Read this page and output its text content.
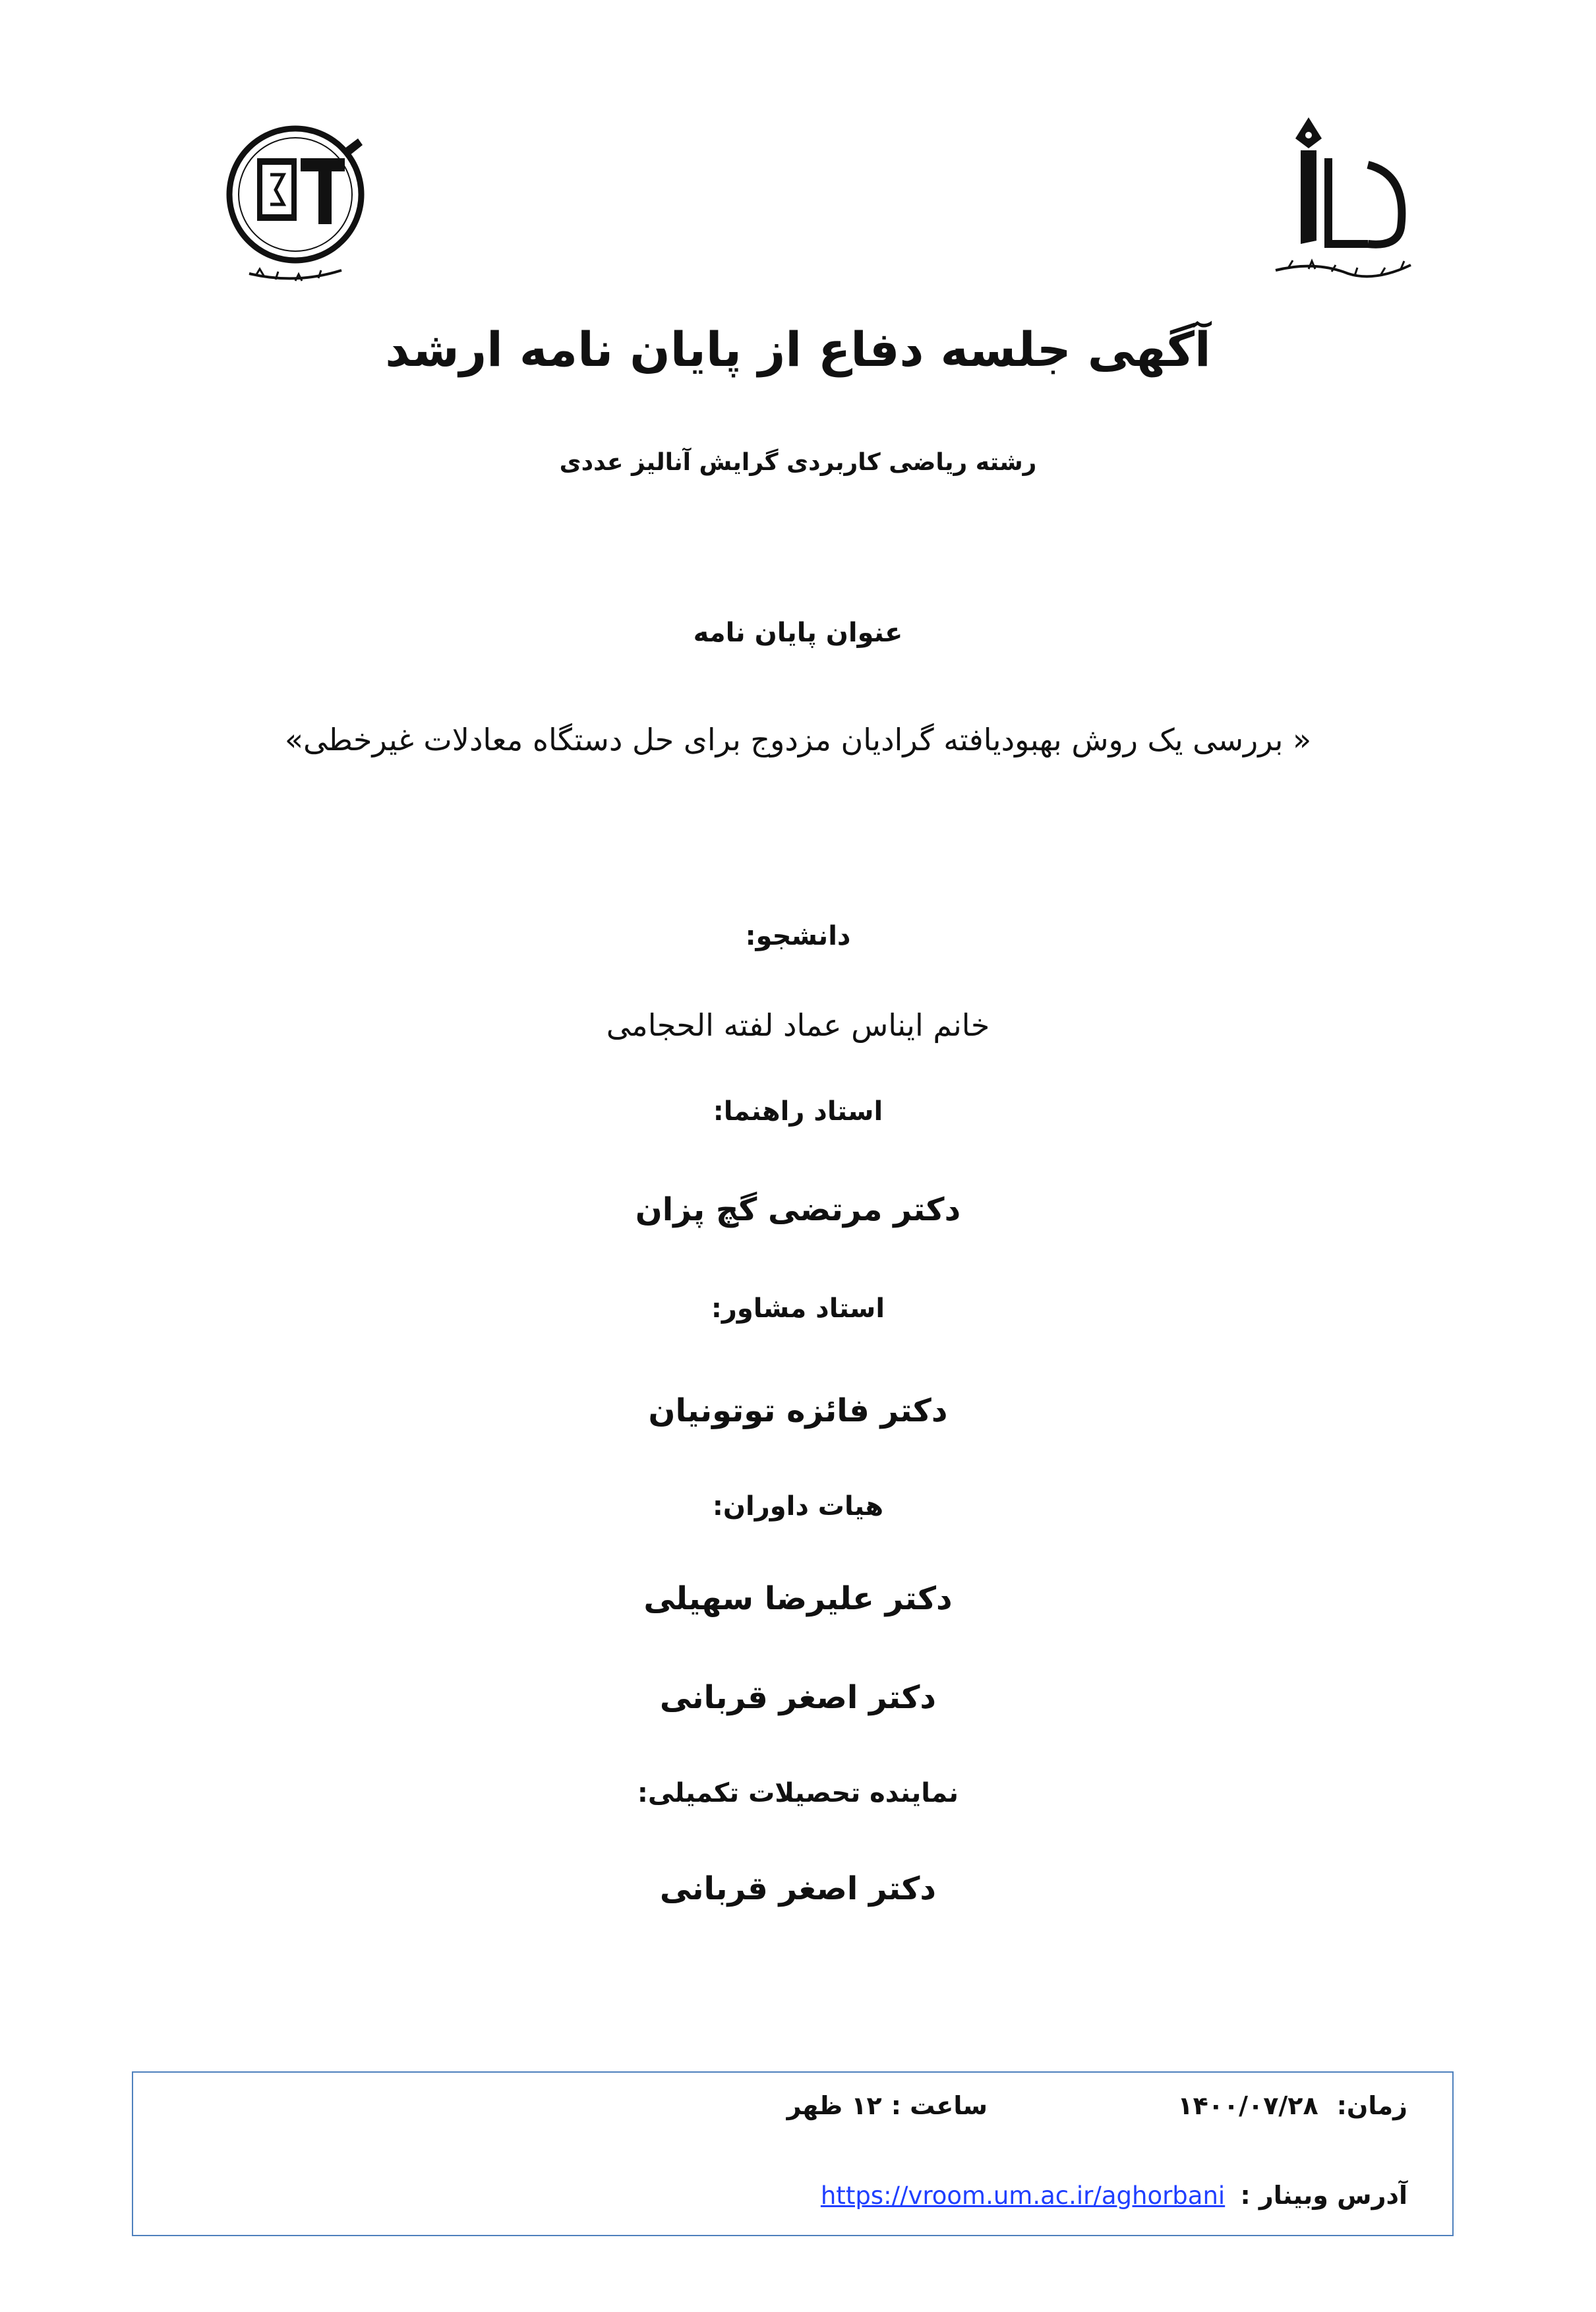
آگهی جلسه دفاع از پایان نامه ارشد
رشته ریاضی کاربردی گرایش آنالیز عددی
عنوان پایان نامه
« بررسی یک روش بهبودیافته گرادیان مزدوج برای حل دستگاه معادلات غیرخطی»
دانشجو:
خانم ایناس عماد لفته الحجامی
استاد راهنما:
دکتر مرتضی گچ پزان
استاد مشاور:
دکتر فائزه توتونیان
هیات داوران:
دکتر علیرضا سهیلی
دکتر اصغر قربانی
نماینده تحصیلات تکمیلی:
دکتر اصغر قربانی
زمان:۱۴۰۰/۰۷/۲۸
ساعت :۱۲ ظهر
آدرس وبینار : https://vroom.um.ac.ir/aghorbani
